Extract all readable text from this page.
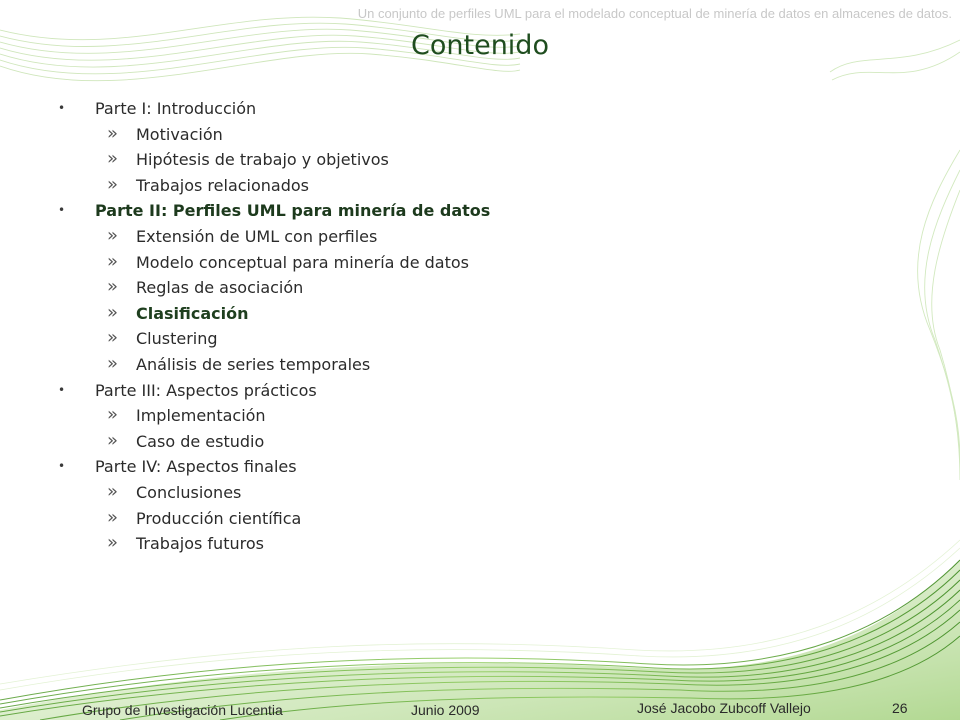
Un conjunto de perfiles UML para el modelado conceptual de minería de datos en almacenes de datos.
Contenido
• Parte I: Introducción
» Motivación
» Hipótesis de trabajo y objetivos
» Trabajos relacionados
• Parte II: Perfiles UML para minería de datos
» Extensión de UML con perfiles
» Modelo conceptual para minería de datos
» Reglas de asociación
» Clasificación
» Clustering
» Análisis de series temporales
• Parte III: Aspectos prácticos
» Implementación
» Caso de estudio
• Parte IV: Aspectos finales
» Conclusiones
» Producción científica
» Trabajos futuros
Grupo de Investigación Lucentia	Junio 2009	José Jacobo Zubcoff Vallejo	26
